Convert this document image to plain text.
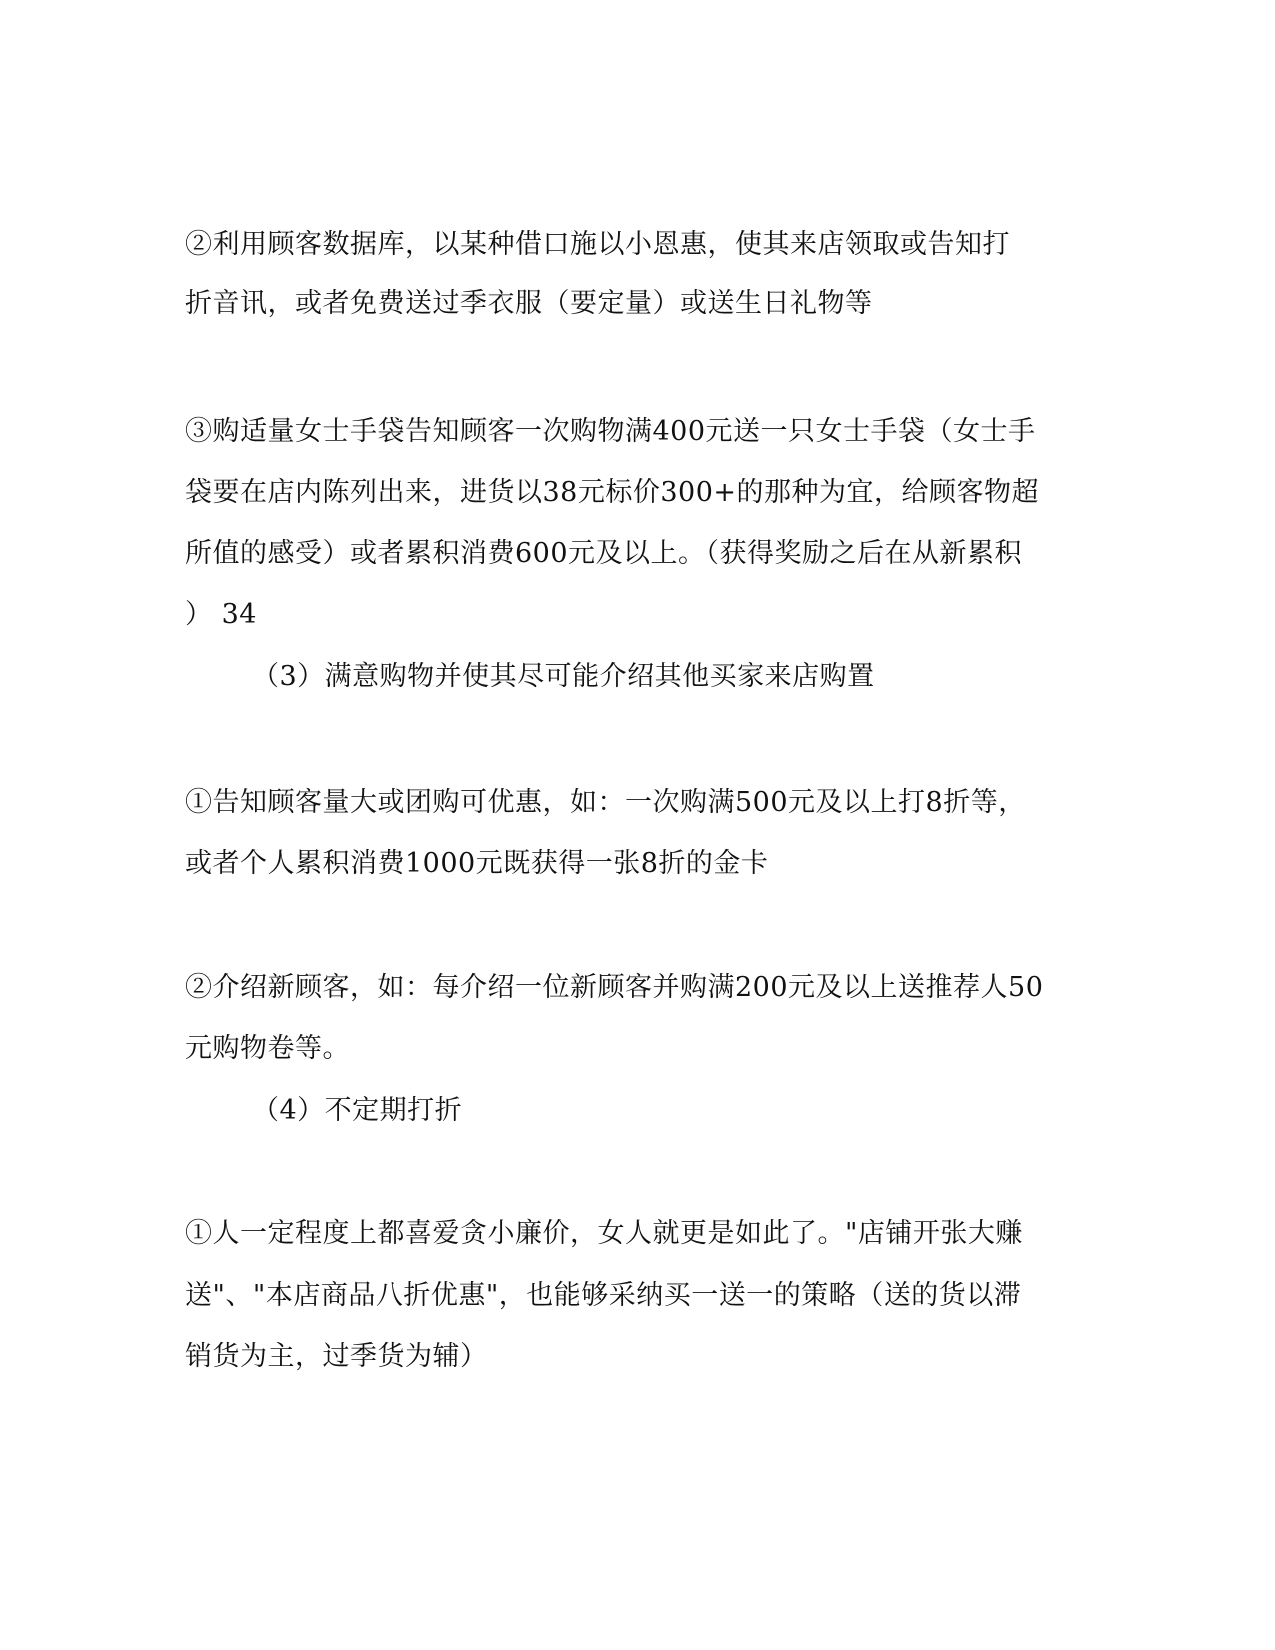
②利用顾客数据库，以某种借口施以小恩惠，使其来店领取或告知打
折音讯，或者免费送过季衣服（要定量）或送生日礼物等
③购适量女士手袋告知顾客一次购物满400元送一只女士手袋（女士手
袋要在店内陈列出来，进货以38元标价300+的那种为宜，给顾客物超
所值的感受）或者累积消费600元及以上。（获得奖励之后在从新累积
） 34
（3）满意购物并使其尽可能介绍其他买家来店购置
①告知顾客量大或团购可优惠，如：一次购满500元及以上打8折等，
或者个人累积消费1000元既获得一张8折的金卡
②介绍新顾客，如：每介绍一位新顾客并购满200元及以上送推荐人50
元购物卷等。
（4）不定期打折
①人一定程度上都喜爱贪小廉价，女人就更是如此了。"店铺开张大赚
送"、"本店商品八折优惠"，也能够采纳买一送一的策略（送的货以滞
销货为主，过季货为辅）
